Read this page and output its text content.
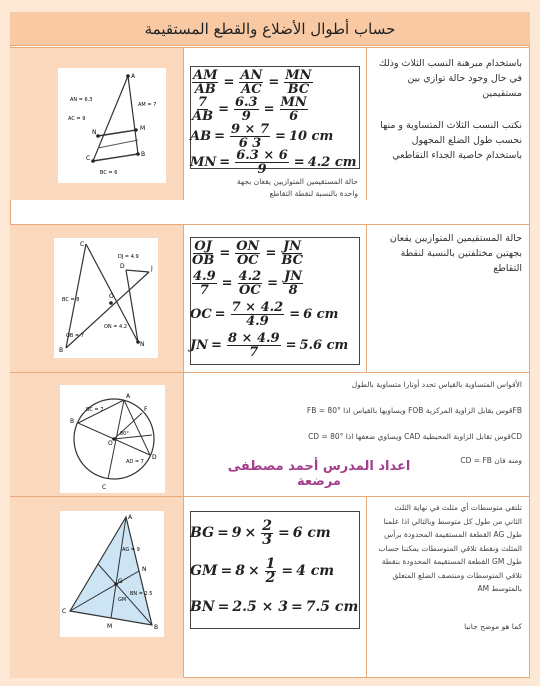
حساب أطوال الأضلاع والقطع المستقيمة
A
N
M
C
B
AN = 6.3
AC = 9
AM = 7
BC = 6
$\frac{AM}{AB} = \frac{AN}{AC} = \frac{MN}{BC}$
$\frac{7}{AB} = \frac{6.3}{9} = \frac{MN}{6}$
AB = $\frac{9 \times 7}{6 3} = 10$ cm
MN = $\frac{6.3 \times 6}{9} = 4.2$ cm
حالة المستقيمين المتوازيين يقعان بجهة واحدة بالنسبة لنقطة التقاطع
باستخدام مبرهنة النسب الثلاث وذلك في حال وجود حالة توازي بين مستقيمين
نكتب النسب الثلاث المتساوية و منها نحسب طول الضلع المجهول باستخدام خاصية الجداء التقاطعي
C
D	J
N
O
B
DJ = 4.9
BC = 8
ON = 4.2
OB = 7
$\frac{OJ}{OB} = \frac{ON}{OC} = \frac{JN}{BC}$
$\frac{4.9}{7} = \frac{4.2}{OC} = \frac{JN}{8}$
OC = $\frac{7 \times 4.2}{4.9} = 6$ cm
JN = $\frac{8 \times 4.9}{7} = 5.6$ cm
حالة المستقيمين المتوازيين يقعان بجهتين مختلفتين بالنسبة لنقطة التقاطع
A
B
C
D
O
F
BC = 7
AD = 7
80°
الأقواس المتساوية بالقياس تحدد أوتارا متساوية بالطول
FBقوس يقابل الزاوية المركزية FOB ويساويها بالقياس اذا FB = 80°
CDقوس تقابل الزاوية المحيطية CAD ويساوي ضعفها اذا CD = 80°
ومنه فان CD = FB
اعداد المدرس أحمد مصطفى مرضعة
A
C
B
G
M
N
AG = 9
GM
BN = 2.5
BG = $9 \times \frac{2}{3} = 6$ cm
GM = $8 \times \frac{1}{2} = 4$ cm
BN = 2.5 × 3 = 7.5 cm
تلتقي متوسطات أي مثلث في نهاية الثلث الثاني من طول كل متوسط وبالتالي اذا علمنا طول AG القطعة المستقيمة المحدودة برأس المثلث ونقطة تلاقي المتوسطات يمكننا حساب طول GM القطعة المستقيمة المحدودة بنقطة تلاقي المتوسطات ومنتصف الضلع المتعلق بالمتوسط AM
كما هو موضح جانبا
